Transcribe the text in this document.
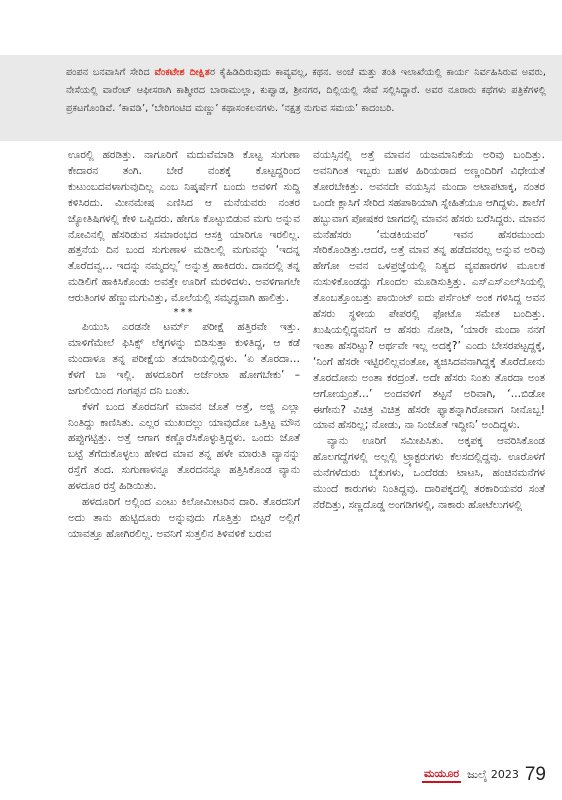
ಪಂಪನ ಬನವಾಸಿಗೆ ಸೇರಿದ ವೆಂಕಟೇಶ ದೀಕ್ಷಿತರ ಕೈಹಿಡಿದಿರುವುದು ಕಾವ್ಯವಲ್ಲ, ಕಥನ. ಅಂಚೆ ಮತ್ತು ತಂತಿ ಇಲಾಖೆಯಲ್ಲಿ ಕಾರ್ಯ ನಿರ್ವಹಿಸಿರುವ ಅವರು, ನೇಸೆಯಲ್ಲಿ ವಾರೆಂಟ್ ಆಫೀಸರಾಗಿ ಕಾಶ್ಮೀರದ ಬಾರಾಮುಲ್ಲಾ, ಕುಪ್ವಾಡ, ಶ್ರೀನಗರ, ದಿಲ್ಲಿಯಲ್ಲಿ ಸೇವೆ ಸಲ್ಲಿಸಿದ್ದಾರೆ. ಅವರ ನೂರಾರು ಕಥೆಗಳು ಪತ್ರಿಕೆಗಳಲ್ಲಿ ಪ್ರಕಟಗೊಂಡಿವೆ. ‘ಕಾವಡಿ’, ‘ಬೇರಿಗಂಟಿದ ಮಣ್ಣು’ ಕಥಾಸಂಕಲನಗಳು. ‘ನಕ್ಷತ್ರ ನುಗುವ ಸಮಯ’ ಕಾದಂಬರಿ.

ಊರಲ್ಲಿ ಹರಡಿತ್ತು. ನಾಗೂರಿಗೆ ಮದುವೆಮಾಡಿ ಕೊಟ್ಟ ಸುಗುಣಾ ಕೇದಾರನ ತಂಗಿ. ಬೇರೆ ವಂಶಕ್ಕೆ ಕೊಟ್ಟದ್ದರಿಂದ ಕುಟುಂಬದವಳಾಗುವುದಿಲ್ಲ ಎಂಬ ನಿಷ್ಕರ್ಷೆಗೆ ಬಂದು ಅವಳಿಗೆ ಸುದ್ದಿ ಕಳಿಸಿರದು. ಮೀನಮೇಷ ಎಣಿಸಿದ ಆ ಮನೆಯವರು ನಂತರ ಜ್ಯೋತಿಷಿಗಳಲ್ಲಿ ಕೇಳಿ ಒಪ್ಪಿದರು. ಹೇಗೂ ಕೊಟ್ಟುಬಿಡುವ ಮಗು ಅನ್ನುವ ನೋವಿನಲ್ಲಿ ಹೆಸರಿಡುವ ಸಮಾರಂಭದ ಆಸಕ್ತಿ ಯಾರಿಗೂ ಇರಲಿಲ್ಲ. ಹತ್ತನೆಯ ದಿನ ಬಂದ ಸುಗುಣಾಳ ಮಡಿಲಲ್ಲಿ ಮಗುವನ್ನು ‘ಇದನ್ನ ತೊರೆದವ್ವ… ಇದನ್ನು ನಮ್ಮದಲ್ಲ’ ಅನ್ನುತ್ತ ಹಾಕಿದರು. ದಾನದಲ್ಲಿ ತನ್ನ ಮಡಿಲಿಗೆ ಹಾಕಿಸಿಕೊಂಡು ಅವತ್ತೇ ಊರಿಗೆ ಮರಳಿದಳು. ಅವಳಿಗಾಗಲೇ ಆರುತಿಂಗಳ ಹೆಣ್ಣುಮಗುವಿತ್ತು, ಮೊಲೆಯಲ್ಲಿ ಸಮೃದ್ಧವಾಗಿ ಹಾಲಿತ್ತು.

***

ಪಿಯುಸಿ ಎರಡನೇ ಟರ್ಮ್ ಪರೀಕ್ಷೆ ಹತ್ತಿರವೇ ಇತ್ತು. ಮಾಳಿಗೆಮೇಲೆ ಫಿಸಿಕ್ಸ್ ಲೆಕ್ಕಗಳನ್ನು ಬಿಡಿಸುತ್ತಾ ಕುಳಿತಿದ್ದ, ಆ ಕಡೆ ಮಂದಾಳೂ ತನ್ನ ಪರೀಕ್ಷೆಯ ತಯಾರಿಯಲ್ಲಿದ್ದಳು. ‘ಏ ತೊರದಾ… ಕೆಳಗೆ ಬಾ ಇಲ್ಲಿ. ಹಳದೂರಿಗೆ ಅರ್ಜೆಂಟಾ ಹೋಗಬೇಕು’ – ಜಗುಲಿಯಿಂದ ಗಂಗಪ್ಪನ ದನಿ ಬಂತು.

ಕೆಳಗೆ ಬಂದ ತೊರದನಿಗೆ ಮಾವನ ಜೊತೆ ಅತ್ತೆ, ಅಜ್ಜಿ ಎಲ್ಲಾ ನಿಂತಿದ್ದು ಕಾಣಿಸಿತು. ಎಲ್ಲರ ಮುಖದಲ್ಲು ಯಾವುದೋ ಒತ್ತಿಟ್ಟ ಮೌನ ಹಪ್ಪುಗಟ್ಟಿತ್ತು. ಅತ್ತೆ ಆಗಾಗ ಕಣ್ಣೊರೆಸಿಕೊಳ್ಳುತ್ತಿದ್ದಳು. ಒಂದು ಜೊತೆ ಬಟ್ಟೆ ತೆಗೆದುಕೊಳ್ಳಲು ಹೇಳಿದ ಮಾವ ತನ್ನ ಹಳೇ ಮಾರುತಿ ವ್ಯಾನನ್ನು ರಸ್ತೆಗೆ ತಂದ. ಸುಗುಣಾಳನ್ನೂ ತೊರದನನ್ನೂ ಹತ್ತಿಸಿಕೊಂಡ ವ್ಯಾನು ಹಳದೂರ ರಸ್ತೆ ಹಿಡಿಯಿತು.

ಹಳದೂರಿಗೆ ಅಲ್ಲಿಂದ ಎಂಟು ಕಿಲೋಮೀಟರಿನ ದಾರಿ. ತೊರದನಿಗೆ ಅದು ತಾನು ಹುಟ್ಟಿದೂರು ಅನ್ನುವುದು ಗೊತ್ತಿತ್ತು ಬಿಟ್ಟರೆ ಅಲ್ಲಿಗೆ ಯಾವತ್ತೂ ಹೋಗಿರಲಿಲ್ಲ. ಅವನಿಗೆ ಸುತ್ತಲಿನ ತಿಳಿವಳಿಕೆ ಬರುವ

ವಯಸ್ಸಿನಲ್ಲಿ ಅತ್ತೆ ಮಾವನ ಯಜಮಾನಿಕೆಯ ಅರಿವು ಬಂದಿತ್ತು. ಅವನಿಗಿಂತ ಇಬ್ಬರು ಬಹಳ ಹಿರಿಯರಾದ ಅಣ್ಣಂದಿರಿಗೆ ವಿಧೇಯತೆ ತೋರಬೇಕಿತ್ತು. ಅವನದೇ ವಯಸ್ಸಿನ ಮಂದಾ ಅಟಾಪಟಾಕ್ಕ, ನಂತರ ಒಂದೇ ಕ್ಲಾಸಿಗೆ ಸೇರಿದ ಸಹಪಾಠಿಯಾಗಿ ಸ್ನೇಹಿತೆಯೂ ಆಗಿದ್ದಳು. ಶಾಲೆಗೆ ಹಬ್ಬುವಾಗ ಪೋಷಕರ ಜಾಗದಲ್ಲಿ ಮಾವನ ಹೆಸರು ಬರೆಸಿದ್ದರು. ಮಾವನ ಮನೆಹೆಸರು ‘ಮಡಕಿಯವರ’ ಇವನ ಹೆಸರಮುಂದು ಸೇರಿಕೊಂಡಿತ್ತು.ಆದರೆ, ಅತ್ತೆ ಮಾವ ತನ್ನ ಹಡೆದವರಲ್ಲ ಅನ್ನುವ ಅರಿವು ಹೇಗೋ ಅವನ ಒಳಪ್ರಜ್ಞೆಯಲ್ಲಿ ನಿತ್ಯದ ವ್ಯವಹಾರಗಳ ಮೂಲಕ ನುಸುಳಿಕೊಂಡದ್ದು ಗೊಂದಲ ಮೂಡಿಸುತ್ತಿತ್ತು. ಎಸ್‌ಎಸ್‌ಎಲ್‌ಸಿಯಲ್ಲಿ ತೊಂಬತ್ತೊಂಬತ್ತು ಪಾಯಿಂಟ್ ಐದು ಪರ್ಸೆಂಟ್ ಅಂಕ ಗಳಿಸಿದ್ದ ಅವನ ಹೆಸರು ಸ್ಥಳೀಯ ಪೇಪರಲ್ಲಿ ಫೋಟೊ ಸಮೇತ ಬಂದಿತ್ತು. ಖುಷಿಯಲ್ಲಿದ್ದವನಿಗೆ ಆ ಹೆಸರು ನೋಡಿ, ‘ಯಾರೇ ಮಂದಾ ನನಗೆ ಇಂತಾ ಹೆಸರಿಟ್ಟು? ಅರ್ಥವೇ ಇಲ್ಲ ಅದಕ್ಕೆ?’ ಎಂದು ಬೇಸರಪಟ್ಟದ್ದಕ್ಕೆ, ‘ನಿಂಗೆ ಹೆಸರೇ ಇಟ್ಟಿರಲಿಲ್ಲವಂತೋ, ತ್ಯಜಿಸಿದವನಾಗಿದ್ದಕ್ಕೆ ತೊರೆದೋನು ತೊರದೋನು ಅಂತಾ ಕರದ್ರಂತೆ. ಅದೇ ಹೆಸರು ನಿಂತು ತೊರದಾ ಅಂತ ಆಗೋಯ್ತಂತೆ…’ ಅಂದವಳಿಗೆ ತಟ್ಟನೆ ಅರಿವಾಗಿ, ‘…ಬಿಡೋ ಈಗೇನು? ವಿಚಿತ್ರ ವಿಚಿತ್ರ ಹೆಸರೇ ಫ್ಯಾಶನ್ನಾಗಿರೋವಾಗ ನೀನೊಬ್ಬ! ಯಾವ ಹೆಸರಿಲ್ಲ; ನೋಡು, ನಾ ನಿಂಜೊತೆ ಇದ್ದೀನಿ’ ಅಂದಿದ್ದಳು.

ವ್ಯಾನು ಊರಿಗೆ ಸಮೀಪಿಸಿತು. ಅಕ್ಕಪಕ್ಕ ಆವರಿಸಿಕೊಂಡ ಹೊಲಗದ್ದೆಗಳಲ್ಲಿ ಅಲ್ಲಲ್ಲಿ ಟ್ರ್ಯಾಕ್ಟರುಗಳು ಕೆಲಸದಲ್ಲಿದ್ದವು. ಊರೊಳಗೆ ಮನೆಗಳೆದುರು ಬೈಕುಗಳು, ಒಂದೆರಡು ಟಾಟಸಿ, ಹಂಚಿನಮನೆಗಳ ಮುಂದೆ ಕಾರುಗಳು ನಿಂತಿದ್ದವು. ದಾರಿಪಕ್ಕದಲ್ಲಿ ತರಕಾರಿಯವರ ಸಂತೆ ನೆರೆದಿತ್ತು, ಸಣ್ಣದೊಡ್ಡ ಅಂಗಡಿಗಳಲ್ಲಿ, ನಾಕಾರು ಹೋಟೆಲುಗಳಲ್ಲಿ

ಮಯೂರ ಜುಲೈ 2023 79
